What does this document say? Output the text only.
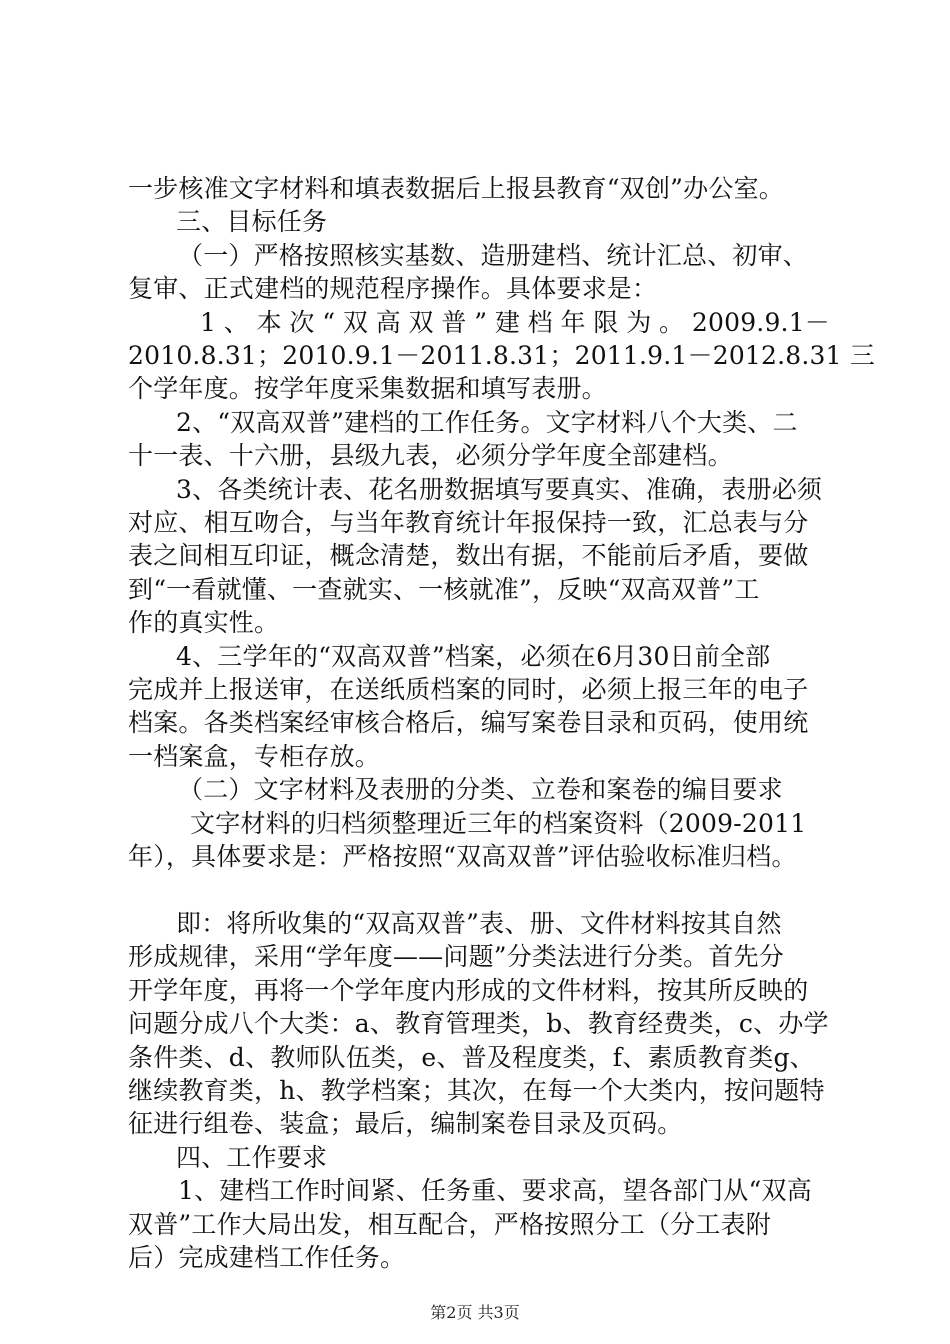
一步核准文字材料和填表数据后上报县教育“双创”办公室。
三、目标任务
（一）严格按照核实基数、造册建档、统计汇总、初审、
复审、正式建档的规范程序操作。具体要求是：
1、本次“双高双普”建档年限为。2009.9.1－
2010.8.31；2010.9.1－2011.8.31；2011.9.1－2012.8.31 三
个学年度。按学年度采集数据和填写表册。
2、“双高双普”建档的工作任务。文字材料八个大类、二
十一表、十六册，县级九表，必须分学年度全部建档。
3、各类统计表、花名册数据填写要真实、准确，表册必须
对应、相互吻合，与当年教育统计年报保持一致，汇总表与分
表之间相互印证，概念清楚，数出有据，不能前后矛盾，要做
到“一看就懂、一查就实、一核就准”，反映“双高双普”工
作的真实性。
4、三学年的“双高双普”档案，必须在6月30日前全部
完成并上报送审，在送纸质档案的同时，必须上报三年的电子
档案。各类档案经审核合格后，编写案卷目录和页码，使用统
一档案盒，专柜存放。
（二）文字材料及表册的分类、立卷和案卷的编目要求
文字材料的归档须整理近三年的档案资料（2009-2011
年），具体要求是：严格按照“双高双普”评估验收标准归档。
即：将所收集的“双高双普”表、册、文件材料按其自然
形成规律，采用“学年度——问题”分类法进行分类。首先分
开学年度，再将一个学年度内形成的文件材料，按其所反映的
问题分成八个大类：a、教育管理类，b、教育经费类，c、办学
条件类、d、教师队伍类，e、普及程度类，f、素质教育类g、
继续教育类，h、教学档案；其次，在每一个大类内，按问题特
征进行组卷、装盒；最后，编制案卷目录及页码。
四、工作要求
1、建档工作时间紧、任务重、要求高，望各部门从“双高
双普”工作大局出发，相互配合，严格按照分工（分工表附
后）完成建档工作任务。
第2页 共3页
